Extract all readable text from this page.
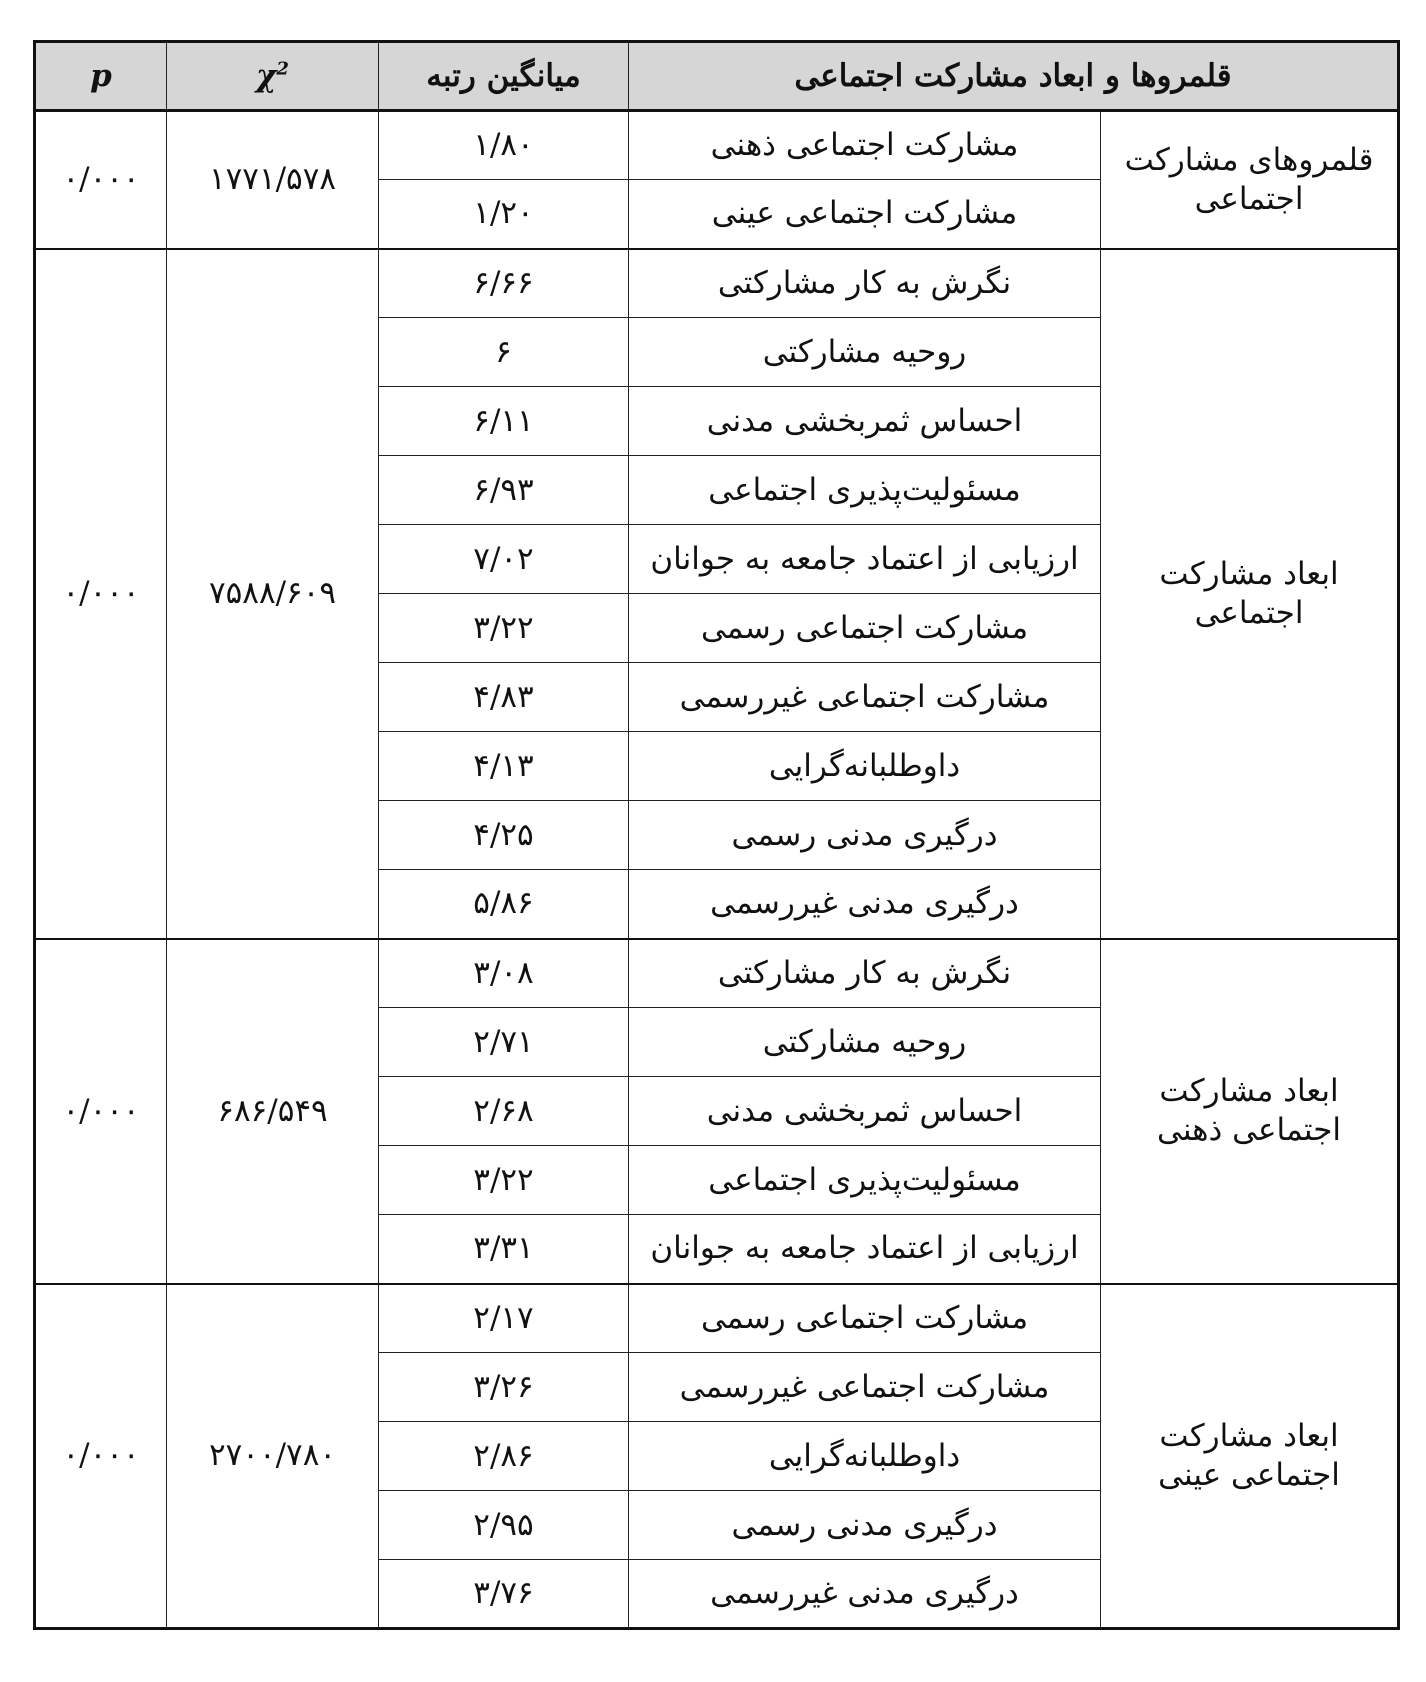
قلمروها و ابعاد مشارکت اجتماعی		میانگین رتبه	$\chi^2$	p
قلمروهای مشارکت اجتماعی	مشارکت اجتماعی ذهنی	۱/۸۰	۱۷۷۱/۵۷۸	۰/۰۰۰
	مشارکت اجتماعی عینی	۱/۲۰		
ابعاد مشارکت اجتماعی	نگرش به کار مشارکتی	۶/۶۶	۷۵۸۸/۶۰۹	۰/۰۰۰
	روحیه مشارکتی	۶		
	احساس ثمربخشی مدنی	۶/۱۱		
	مسئولیت‌پذیری اجتماعی	۶/۹۳		
	ارزیابی از اعتماد جامعه به جوانان	۷/۰۲		
	مشارکت اجتماعی رسمی	۳/۲۲		
	مشارکت اجتماعی غیررسمی	۴/۸۳		
	داوطلبانه‌گرایی	۴/۱۳		
	درگیری مدنی رسمی	۴/۲۵		
	درگیری مدنی غیررسمی	۵/۸۶		
ابعاد مشارکت اجتماعی ذهنی	نگرش به کار مشارکتی	۳/۰۸	۶۸۶/۵۴۹	۰/۰۰۰
	روحیه مشارکتی	۲/۷۱		
	احساس ثمربخشی مدنی	۲/۶۸		
	مسئولیت‌پذیری اجتماعی	۳/۲۲		
	ارزیابی از اعتماد جامعه به جوانان	۳/۳۱		
ابعاد مشارکت اجتماعی عینی	مشارکت اجتماعی رسمی	۲/۱۷	۲۷۰۰/۷۸۰	۰/۰۰۰
	مشارکت اجتماعی غیررسمی	۳/۲۶		
	داوطلبانه‌گرایی	۲/۸۶		
	درگیری مدنی رسمی	۲/۹۵		
	درگیری مدنی غیررسمی	۳/۷۶		
